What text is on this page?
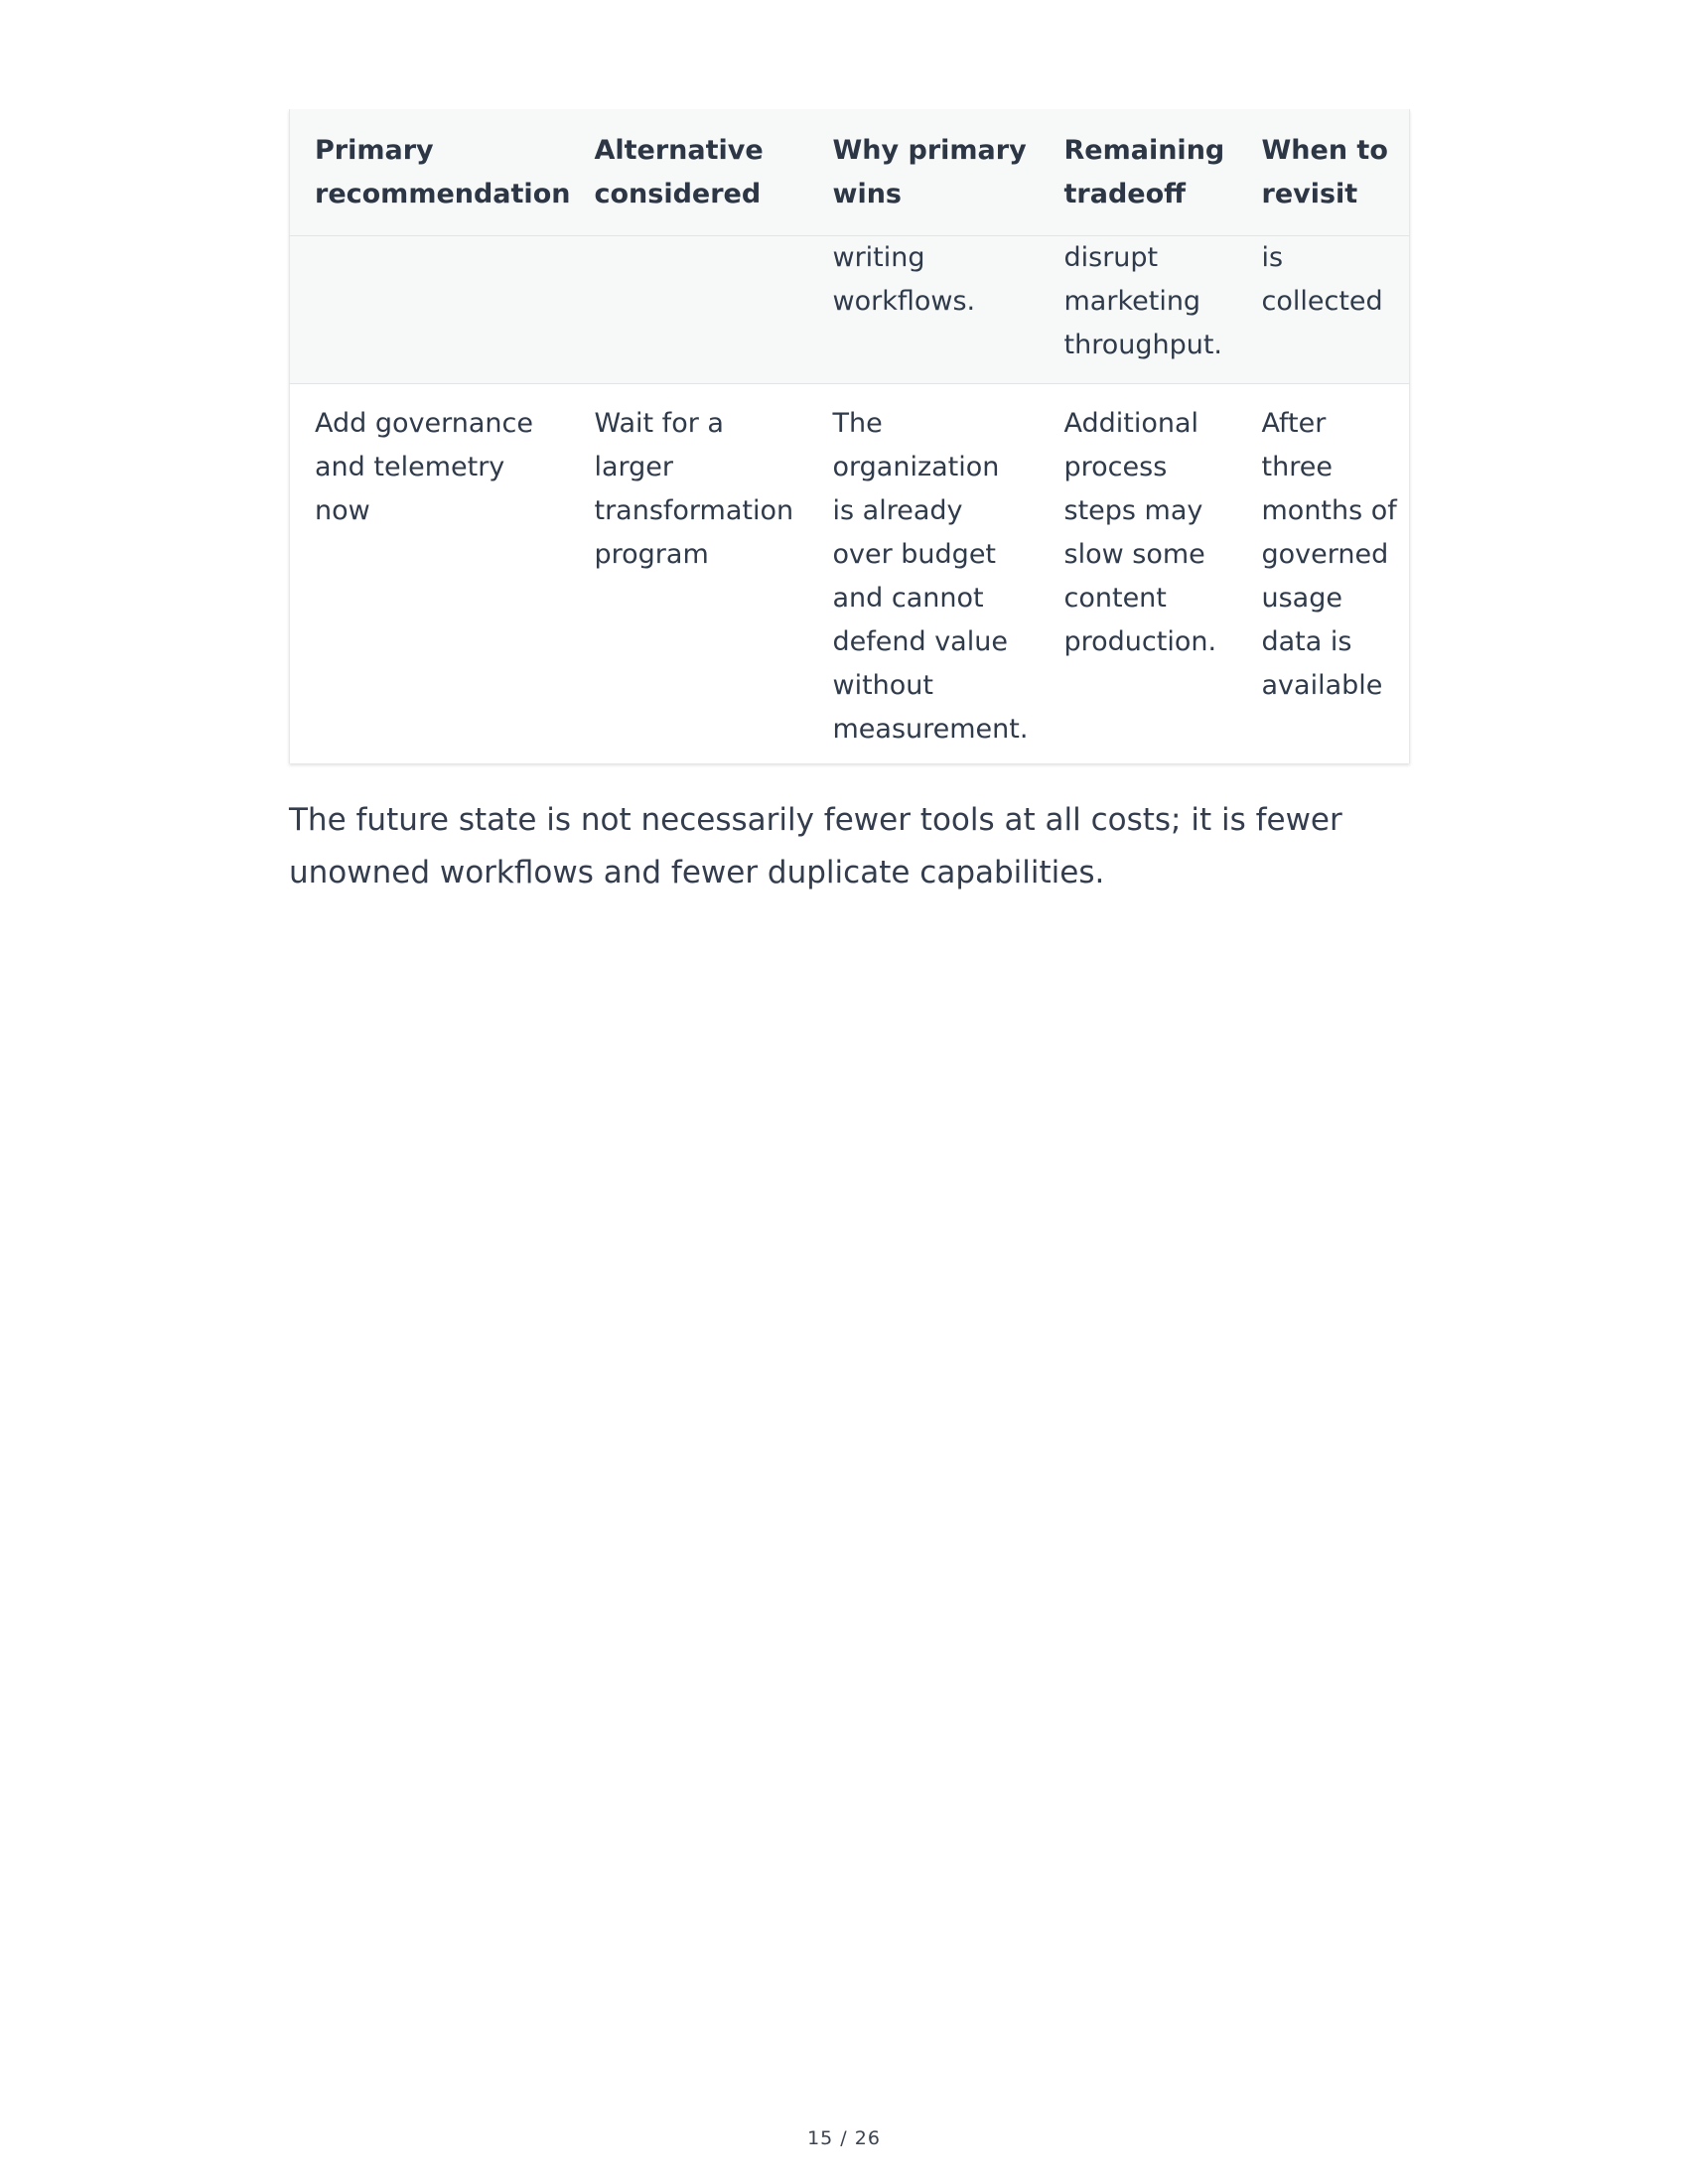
Primary recommendation	Alternative considered	Why primary wins	Remaining tradeoff	When to revisit
		writing workflows.	disrupt marketing throughput.	is collected
Add governance and telemetry now	Wait for a larger transformation program	The organization is already over budget and cannot defend value without measurement.	Additional process steps may slow some content production.	After three months of governed usage data is available

The future state is not necessarily fewer tools at all costs; it is fewer unowned workflows and fewer duplicate capabilities.

15 / 26
